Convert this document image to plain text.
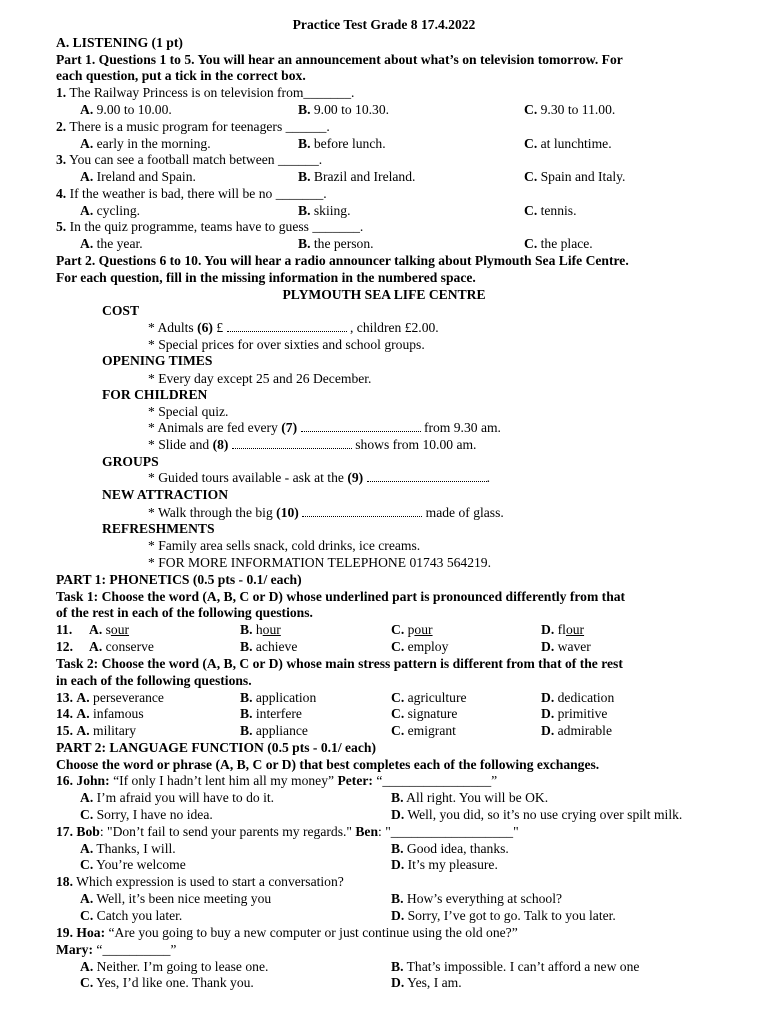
Practice Test Grade 8 17.4.2022
A. LISTENING (1 pt)
Part 1. Questions 1 to 5. You will hear an announcement about what’s on television tomorrow. For
each question, put a tick in the correct box.
1. The Railway Princess is on television from_______.
A. 9.00 to 10.00.	B. 9.00 to 10.30.	C. 9.30 to 11.00.
2. There is a music program for teenagers ______.
A. early in the morning.	B. before lunch.	C. at lunchtime.
3. You can see a football match between ______.
A. Ireland and Spain.	B. Brazil and Ireland.	C. Spain and Italy.
4. If the weather is bad, there will be no _______.
A. cycling.	B. skiing.	C. tennis.
5. In the quiz programme, teams have to guess _______.
A. the year.	B. the person.	C. the place.
Part 2. Questions 6 to 10. You will hear a radio announcer talking about Plymouth Sea Life Centre.
For each question, fill in the missing information in the numbered space.
PLYMOUTH SEA LIFE CENTRE
COST
* Adults (6) £	, children £2.00.
* Special prices for over sixties and school groups.
OPENING TIMES
* Every day except 25 and 26 December.
FOR CHILDREN
* Special quiz.
* Animals are fed every (7)	from 9.30 am.
* Slide and (8)	shows from 10.00 am.
GROUPS
* Guided tours available - ask at the (9)	.
NEW ATTRACTION
* Walk through the big (10)	made of glass.
REFRESHMENTS
* Family area sells snack, cold drinks, ice creams.
* FOR MORE INFORMATION TELEPHONE 01743 564219.
PART 1: PHONETICS (0.5 pts - 0.1/ each)
Task 1: Choose the word (A, B, C or D) whose underlined part is pronounced differently from that
of the rest in each of the following questions.
11. A. sour	B. hour	C. pour	D. flour
12. A. conserve	B. achieve	C. employ	D. waver
Task 2: Choose the word (A, B, C or D) whose main stress pattern is different from that of the rest
in each of the following questions.
13. A. perseverance	B. application	C. agriculture	D. dedication
14. A. infamous	B. interfere	C. signature	D. primitive
15. A. military	B. appliance	C. emigrant	D. admirable
PART 2: LANGUAGE FUNCTION (0.5 pts - 0.1/ each)
Choose the word or phrase (A, B, C or D) that best completes each of the following exchanges.
16. John: “If only I hadn’t lent him all my money” Peter: “________________”
A. I’m afraid you will have to do it.	B. All right. You will be OK.
C. Sorry, I have no idea.	D. Well, you did, so it’s no use crying over spilt milk.
17. Bob: "Don’t fail to send your parents my regards." Ben: "__________________"
A. Thanks, I will.	B. Good idea, thanks.
C. You’re welcome	D. It’s my pleasure.
18. Which expression is used to start a conversation?
A. Well, it’s been nice meeting you	B. How’s everything at school?
C. Catch you later.	D. Sorry, I’ve got to go. Talk to you later.
19. Hoa: “Are you going to buy a new computer or just continue using the old one?”
Mary: “__________”
A. Neither. I’m going to lease one.	B. That’s impossible. I can’t afford a new one
C. Yes, I’d like one. Thank you.	D. Yes, I am.
